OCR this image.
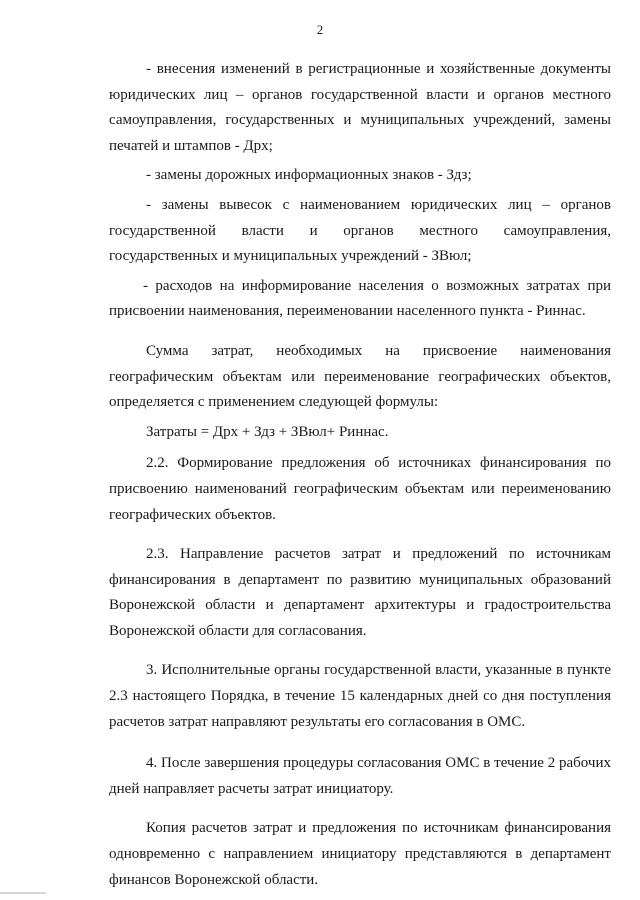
2

- внесения изменений в регистрационные и хозяйственные документы юридических лиц – органов государственной власти и органов местного самоуправления, государственных и муниципальных учреждений, замены печатей и штампов - Дрх;

- замены дорожных информационных знаков - Здз;

- замены вывесок с наименованием юридических лиц – органов государственной власти и органов местного самоуправления, государственных и муниципальных учреждений - ЗВюл;

- расходов на информирование населения о возможных затратах при присвоении наименования, переименовании населенного пункта - Риннас.

Сумма затрат, необходимых на присвоение наименования географическим объектам или переименование географических объектов, определяется с применением следующей формулы:

Затраты = Дрх + Здз + ЗВюл+ Риннас.

2.2. Формирование предложения об источниках финансирования по присвоению наименований географическим объектам или переименованию географических объектов.

2.3. Направление расчетов затрат и предложений по источникам финансирования в департамент по развитию муниципальных образований Воронежской области и департамент архитектуры и градостроительства Воронежской области для согласования.

3. Исполнительные органы государственной власти, указанные в пункте 2.3 настоящего Порядка, в течение 15 календарных дней со дня поступления расчетов затрат направляют результаты его согласования в ОМС.

4. После завершения процедуры согласования ОМС в течение 2 рабочих дней направляет расчеты затрат инициатору.

Копия расчетов затрат и предложения по источникам финансирования одновременно с направлением инициатору представляются в департамент финансов Воронежской области.
